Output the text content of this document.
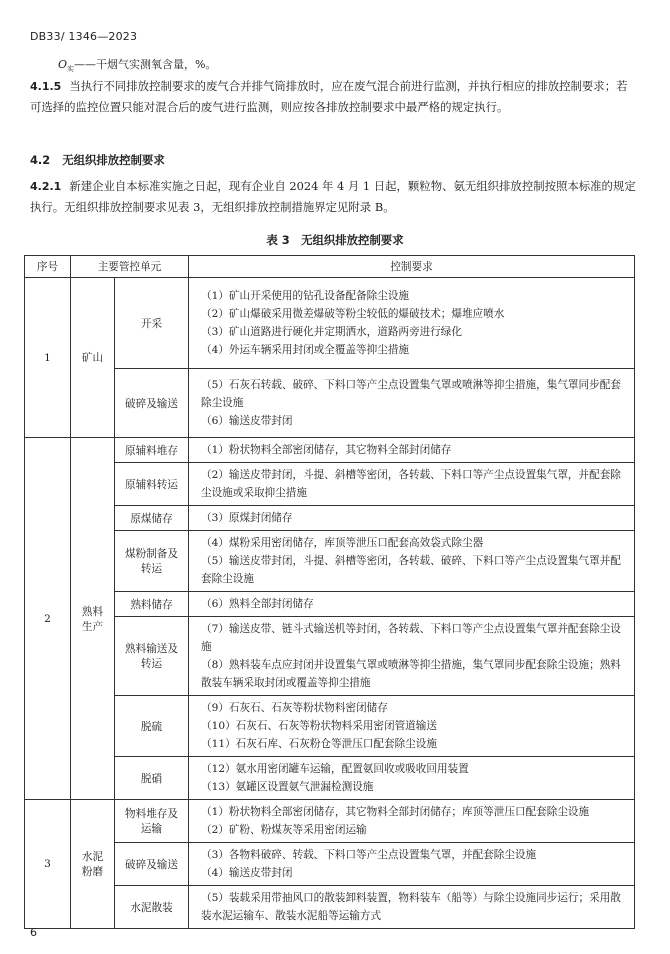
DB33/ 1346—2023
$O_实——$干烟气实测氧含量，%。
4.1.5 当执行不同排放控制要求的废气合并排气筒排放时，应在废气混合前进行监测，并执行相应的排放控制要求；若可选择的监控位置只能对混合后的废气进行监测，则应按各排放控制要求中最严格的规定执行。
4.2 无组织排放控制要求
4.2.1 新建企业自本标准实施之日起，现有企业自 2024 年 4 月 1 日起，颗粒物、氨无组织排放控制按照本标准的规定执行。无组织排放控制要求见表 3，无组织排放控制措施界定见附录 B。
表 3　无组织排放控制要求
序号	主要管控单元		控制要求
1	矿山	开采	（1）矿山开采使用的钻孔设备配备除尘设施
（2）矿山爆破采用微差爆破等粉尘较低的爆破技术；爆堆应喷水
（3）矿山道路进行硬化并定期洒水，道路两旁进行绿化
（4）外运车辆采用封闭或全覆盖等抑尘措施

		破碎及输送	（5）石灰石转载、破碎、下料口等产尘点设置集气罩或喷淋等抑尘措施，集气罩同步配套除尘设施
（6）输送皮带封闭

2	熟料生产	原辅料堆存	（1）粉状物料全部密闭储存，其它物料全部封闭储存

		原辅料转运	（2）输送皮带封闭，斗提、斜槽等密闭，各转载、下料口等产尘点设置集气罩，并配套除尘设施或采取抑尘措施

		原煤储存	（3）原煤封闭储存

		煤粉制备及转运	（4）煤粉采用密闭储存，库顶等泄压口配套高效袋式除尘器
（5）输送皮带封闭，斗提、斜槽等密闭，各转载、破碎、下料口等产尘点设置集气罩并配套除尘设施

		熟料储存	（6）熟料全部封闭储存

		熟料输送及转运	（7）输送皮带、链斗式输送机等封闭，各转载、下料口等产尘点设置集气罩并配套除尘设施
（8）熟料装车点应封闭并设置集气罩或喷淋等抑尘措施，集气罩同步配套除尘设施；熟料散装车辆采取封闭或覆盖等抑尘措施

		脱硫	（9）石灰石、石灰等粉状物料密闭储存
（10）石灰石、石灰等粉状物料采用密闭管道输送
（11）石灰石库、石灰粉仓等泄压口配套除尘设施

		脱硝	（12）氨水用密闭罐车运输，配置氨回收或吸收回用装置
（13）氨罐区设置氨气泄漏检测设施

3	水泥粉磨	物料堆存及运输	（1）粉状物料全部密闭储存，其它物料全部封闭储存；库顶等泄压口配套除尘设施
（2）矿粉、粉煤灰等采用密闭运输

		破碎及输送	（3）各物料破碎、转载、下料口等产尘点设置集气罩，并配套除尘设施
（4）输送皮带封闭

		水泥散装	（5）装载采用带抽风口的散装卸料装置，物料装车（船等）与除尘设施同步运行；采用散装水泥运输车、散装水泥船等运输方式
6
